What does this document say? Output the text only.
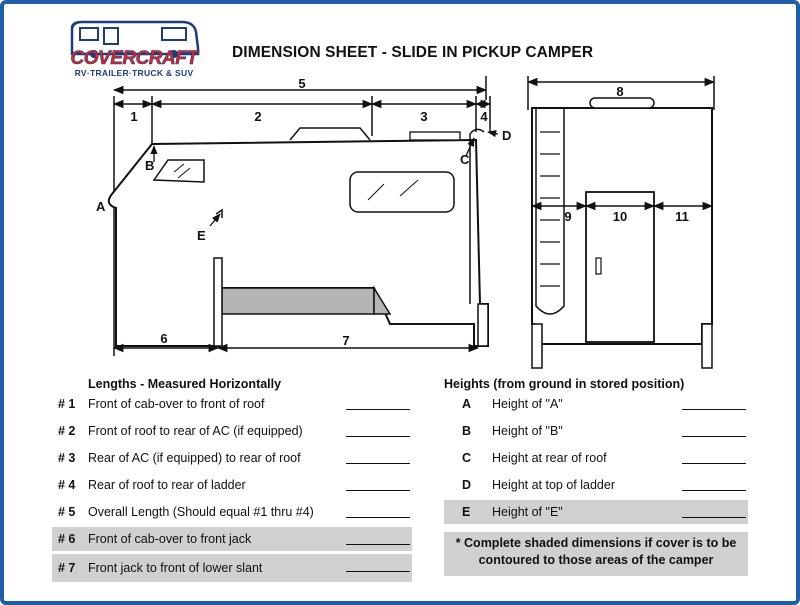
COVERCRAFT
RV·TRAILER·TRUCK & SUV
DIMENSION SHEET - SLIDE IN PICKUP CAMPER
5
1	2	3	4
6	7
A
B	C
D
E
8
9	10	11
Lengths - Measured Horizontally
# 1 Front of cab-over to front of roof
# 2 Front of roof to rear of AC (if equipped)
# 3 Rear of AC (if equipped) to rear of roof
# 4 Rear of roof to rear of ladder
# 5 Overall Length (Should equal #1 thru #4)
# 6 Front of cab-over to front jack
# 7 Front jack to front of lower slant
Heights (from ground in stored position)
A Height of "A"
B Height of "B"
C Height at rear of roof
D Height at top of ladder
E Height of "E"
* Complete shaded dimensions if cover is to be contoured to those areas of the camper
